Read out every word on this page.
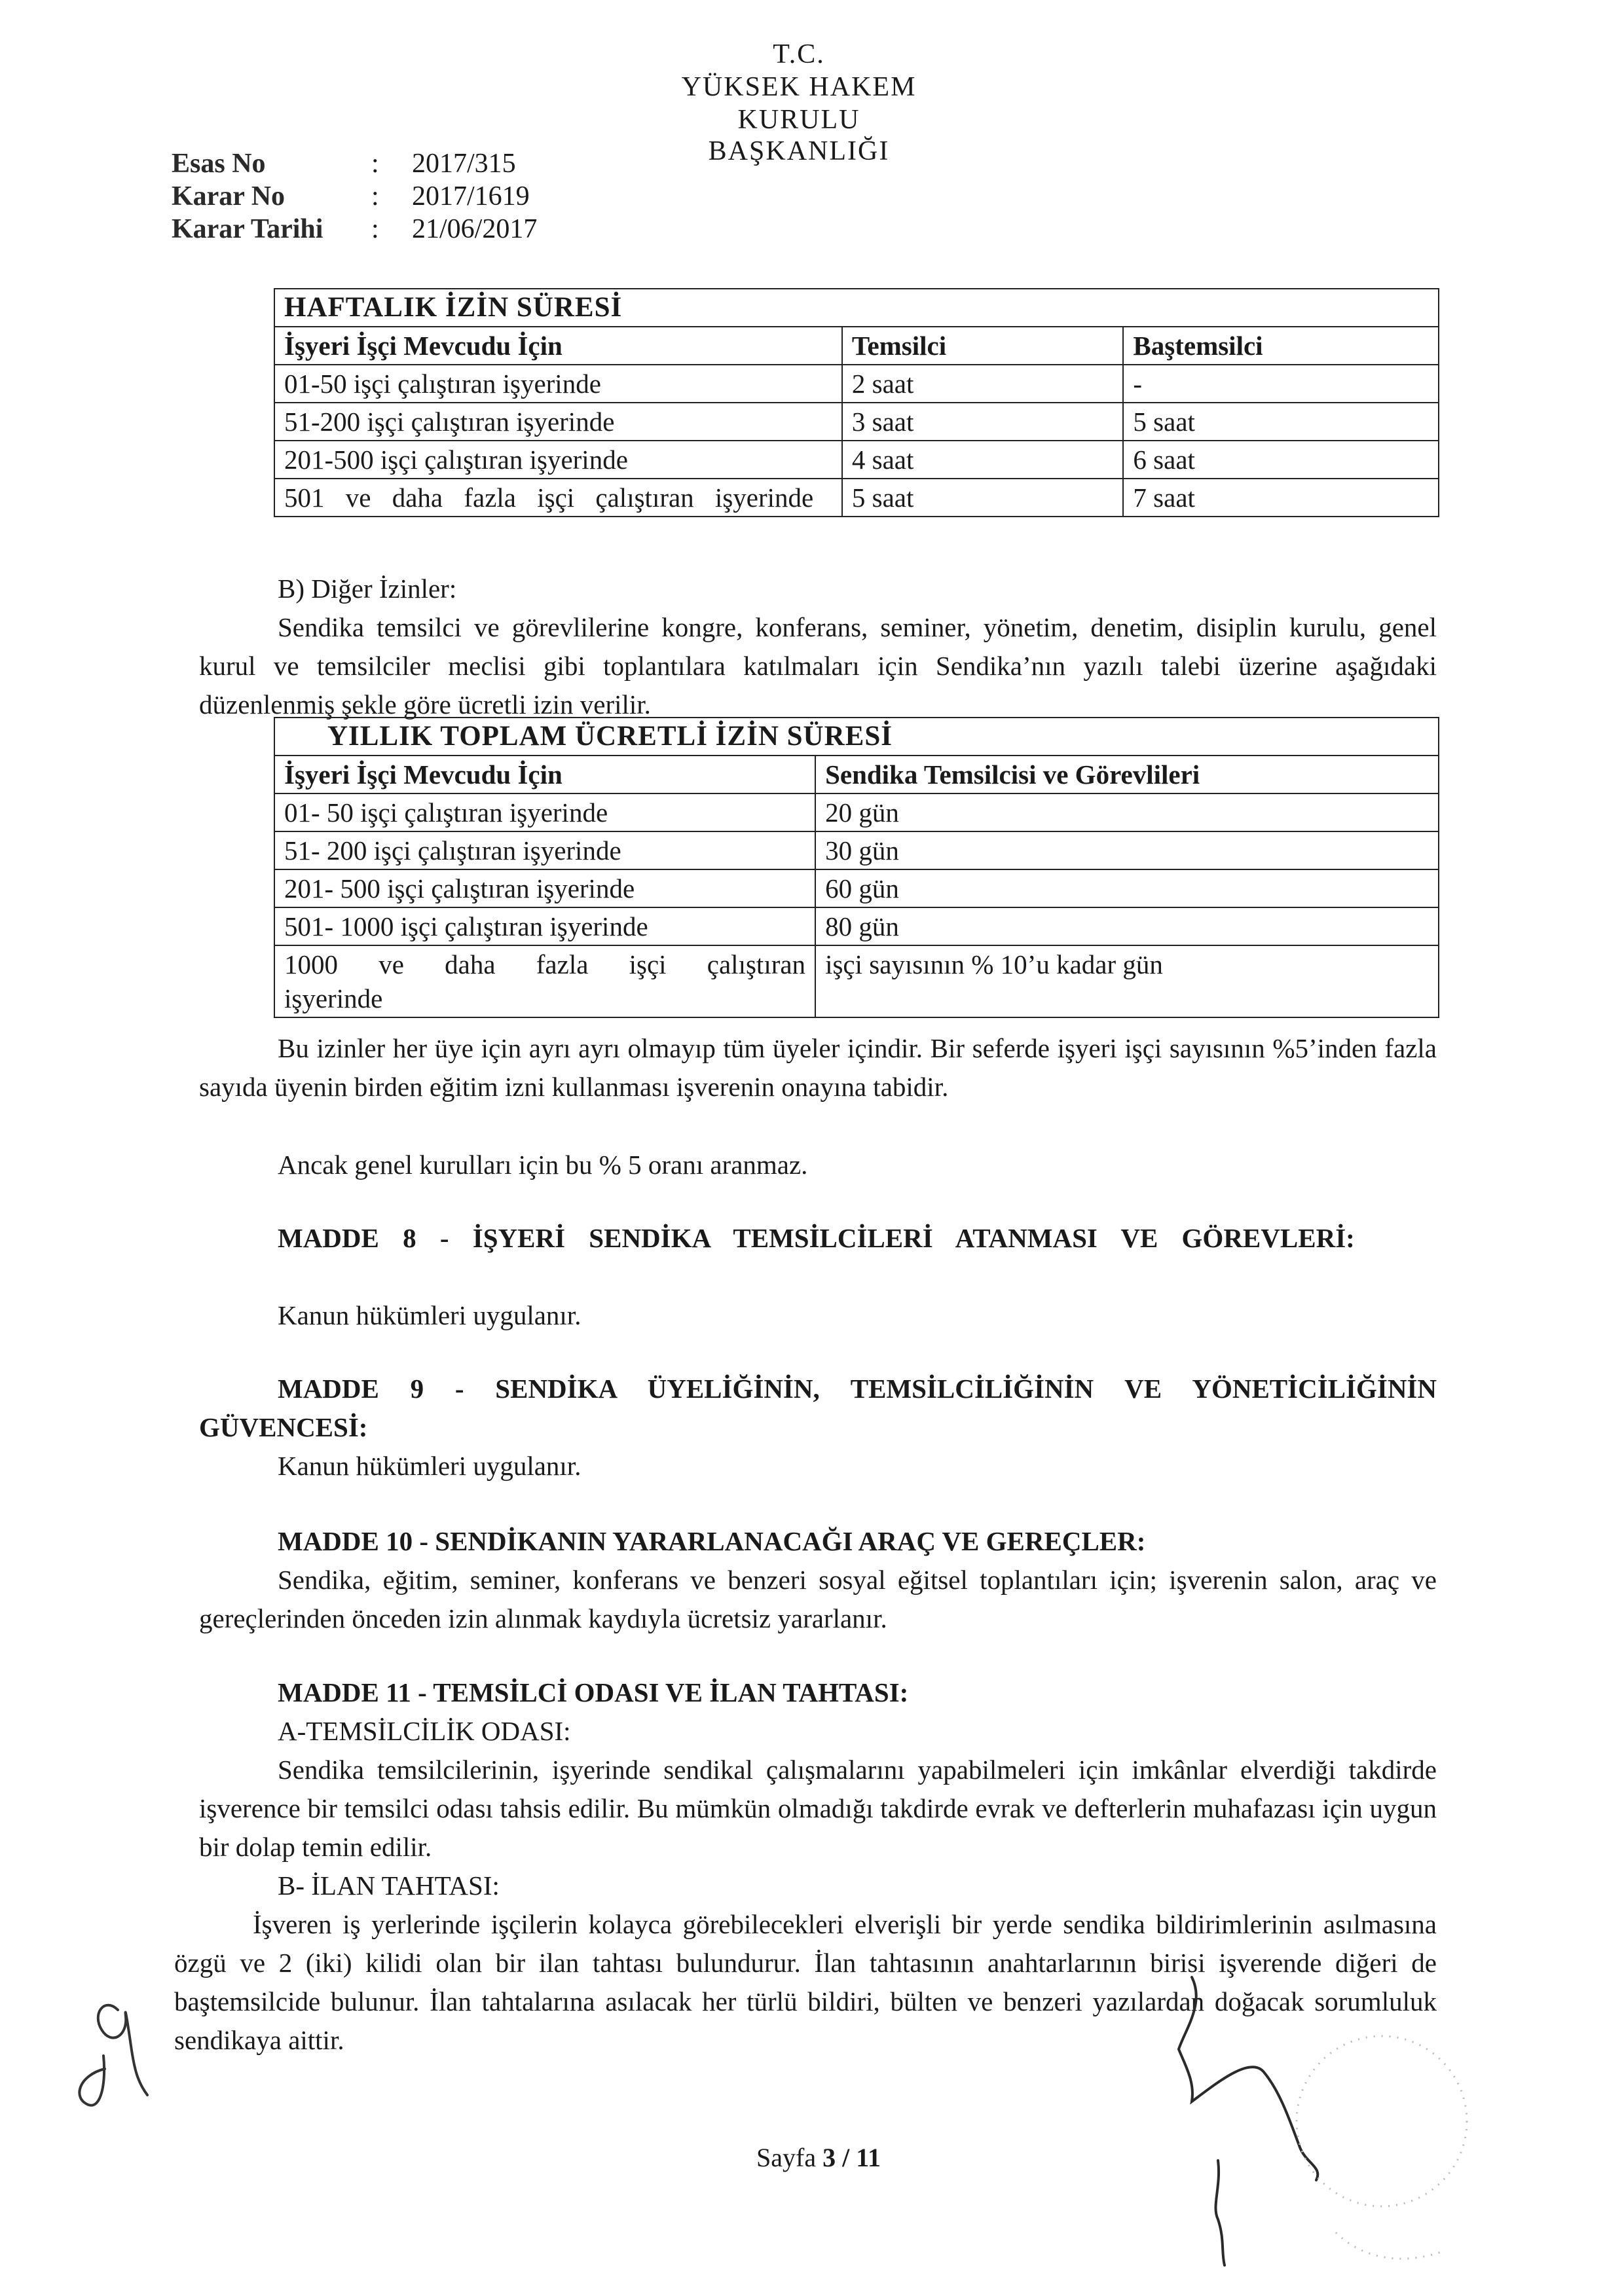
T.C.
YÜKSEK HAKEM KURULU
BAŞKANLIĞI
Esas No	: 2017/315
Karar No	: 2017/1619
Karar Tarihi : 21/06/2017
HAFTALIK İZİN SÜRESİ		
İşyeri İşçi Mevcudu İçin	Temsilci	Baştemsilci
01-50 işçi çalıştıran işyerinde	2 saat	-
51-200 işçi çalıştıran işyerinde	3 saat	5 saat
201-500 işçi çalıştıran işyerinde	4 saat	6 saat
501 ve daha fazla işçi çalıştıran işyerinde	5 saat	7 saat
B) Diğer İzinler:
Sendika temsilci ve görevlilerine kongre, konferans, seminer, yönetim, denetim, disiplin kurulu, genel kurul ve temsilciler meclisi gibi toplantılara katılmaları için Sendika’nın yazılı talebi üzerine aşağıdaki düzenlenmiş şekle göre ücretli izin verilir.
YILLIK TOPLAM ÜCRETLİ İZİN SÜRESİ	
İşyeri İşçi Mevcudu İçin	Sendika Temsilcisi ve Görevlileri
01- 50 işçi çalıştıran işyerinde	20 gün
51- 200 işçi çalıştıran işyerinde	30 gün
201- 500 işçi çalıştıran işyerinde	60 gün
501- 1000 işçi çalıştıran işyerinde	80 gün
1000 ve daha fazla işçi çalıştıran işyerinde	işçi sayısının % 10’u kadar gün
Bu izinler her üye için ayrı ayrı olmayıp tüm üyeler içindir. Bir seferde işyeri işçi sayısının %5’inden fazla sayıda üyenin birden eğitim izni kullanması işverenin onayına tabidir.
Ancak genel kurulları için bu % 5 oranı aranmaz.
MADDE 8 - İŞYERİ SENDİKA TEMSİLCİLERİ ATANMASI VE GÖREVLERİ:
Kanun hükümleri uygulanır.
MADDE 9 - SENDİKA ÜYELİĞİNİN, TEMSİLCİLİĞİNİN VE YÖNETİCİLİĞİNİN GÜVENCESİ:
Kanun hükümleri uygulanır.
MADDE 10 - SENDİKANIN YARARLANACAĞI ARAÇ VE GEREÇLER:
Sendika, eğitim, seminer, konferans ve benzeri sosyal eğitsel toplantıları için; işverenin salon, araç ve gereçlerinden önceden izin alınmak kaydıyla ücretsiz yararlanır.
MADDE 11 - TEMSİLCİ ODASI VE İLAN TAHTASI:
A-TEMSİLCİLİK ODASI:
Sendika temsilcilerinin, işyerinde sendikal çalışmalarını yapabilmeleri için imkânlar elverdiği takdirde işverence bir temsilci odası tahsis edilir. Bu mümkün olmadığı takdirde evrak ve defterlerin muhafazası için uygun bir dolap temin edilir.
B- İLAN TAHTASI:
İşveren iş yerlerinde işçilerin kolayca görebilecekleri elverişli bir yerde sendika bildirimlerinin asılmasına özgü ve 2 (iki) kilidi olan bir ilan tahtası bulundurur. İlan tahtasının anahtarlarının birisi işverende diğeri de baştemsilcide bulunur. İlan tahtalarına asılacak her türlü bildiri, bülten ve benzeri yazılardan doğacak sorumluluk sendikaya aittir.
Sayfa 3 / 11
